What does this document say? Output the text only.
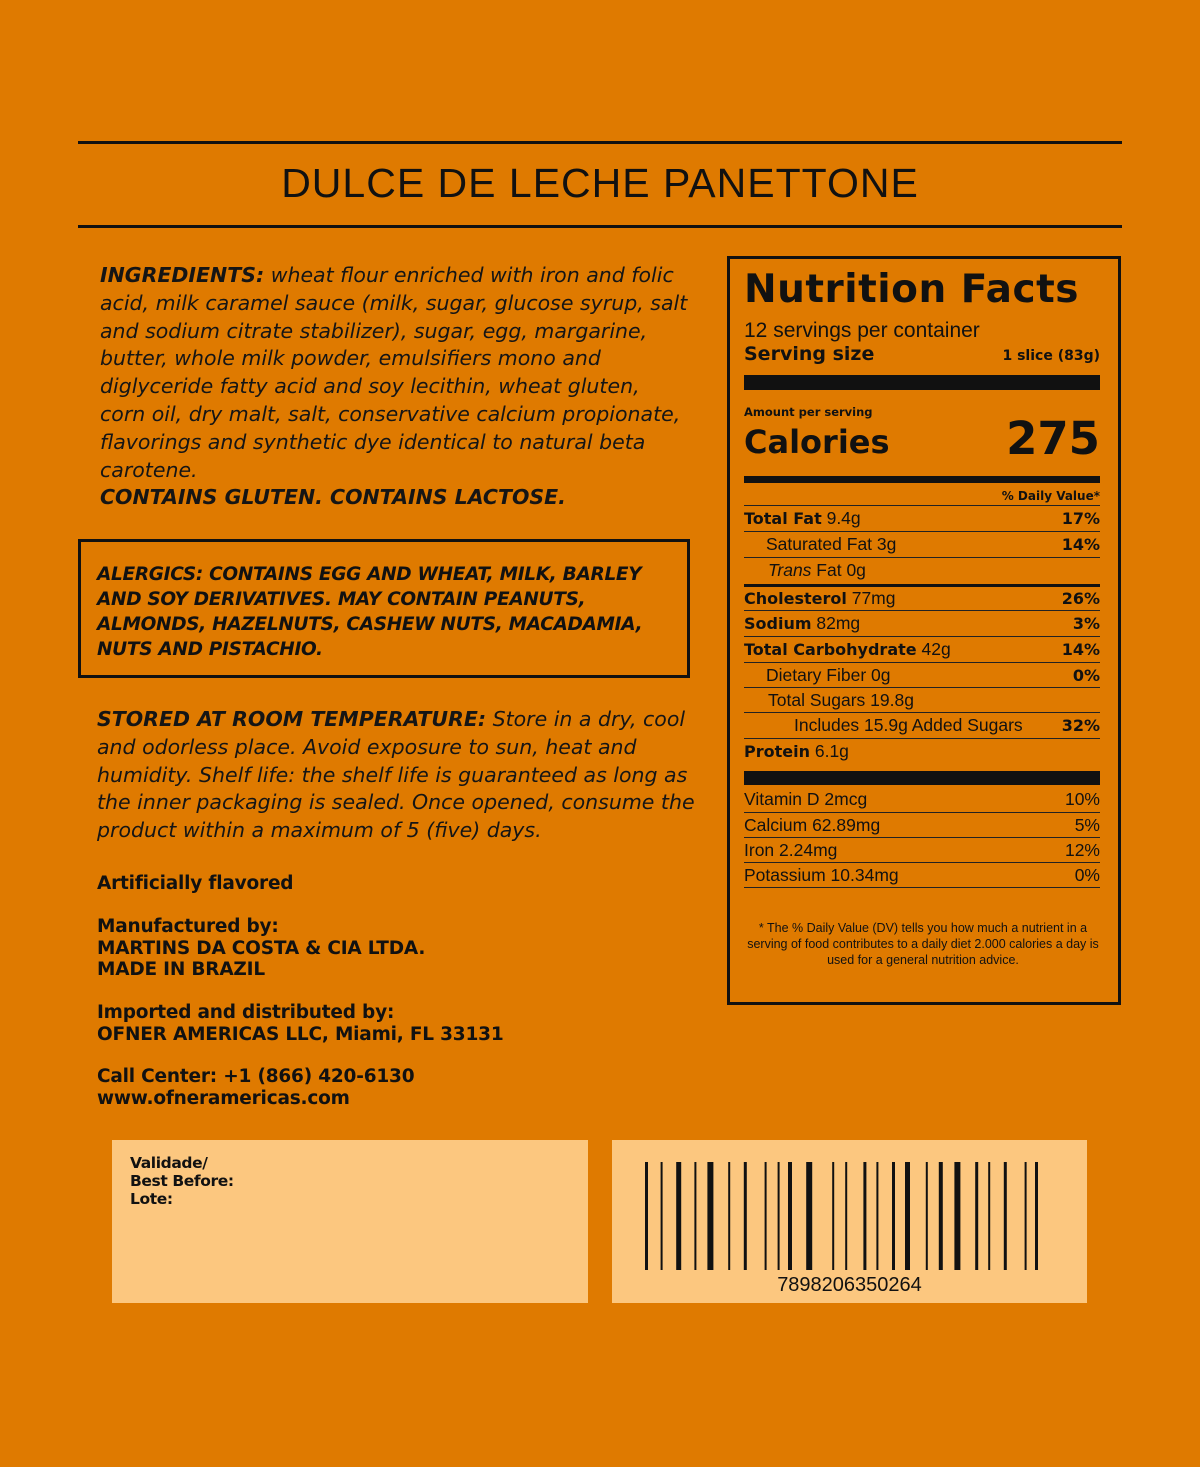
DULCE DE LECHE PANETTONE
INGREDIENTS: wheat flour enriched with iron and folic acid, milk caramel sauce (milk, sugar, glucose syrup, salt and sodium citrate stabilizer), sugar, egg, margarine, butter, whole milk powder, emulsifiers mono and diglyceride fatty acid and soy lecithin, wheat gluten, corn oil, dry malt, salt, conservative calcium propionate, flavorings and synthetic dye identical to natural beta carotene.
CONTAINS GLUTEN. CONTAINS LACTOSE.
ALERGICS: CONTAINS EGG AND WHEAT, MILK, BARLEY AND SOY DERIVATIVES. MAY CONTAIN PEANUTS, ALMONDS, HAZELNUTS, CASHEW NUTS, MACADAMIA, NUTS AND PISTACHIO.
STORED AT ROOM TEMPERATURE: Store in a dry, cool and odorless place. Avoid exposure to sun, heat and humidity. Shelf life: the shelf life is guaranteed as long as the inner packaging is sealed. Once opened, consume the product within a maximum of 5 (five) days.
Artificially flavored
Manufactured by:
MARTINS DA COSTA & CIA LTDA.
MADE IN BRAZIL
Imported and distributed by:
OFNER AMERICAS LLC, Miami, FL 33131
Call Center: +1 (866) 420-6130
www.ofneramericas.com
Nutrition Facts
12 servings per container
Serving size	1 slice (83g)
Amount per serving
Calories	275
% Daily Value*
Total Fat 9.4g	17%
Saturated Fat 3g	14%
Trans Fat 0g
Cholesterol 77mg	26%
Sodium 82mg	3%
Total Carbohydrate 42g	14%
Dietary Fiber 0g	0%
Total Sugars 19.8g
Includes 15.9g Added Sugars 32%
Protein 6.1g
Vitamin D 2mcg	10%
Calcium 62.89mg	5%
Iron 2.24mg	12%
Potassium 10.34mg	0%
* The % Daily Value (DV) tells you how much a nutrient in a serving of food contributes to a daily diet 2.000 calories a day is used for a general nutrition advice.
Validade/
Best Before:
Lote:
7898206350264
